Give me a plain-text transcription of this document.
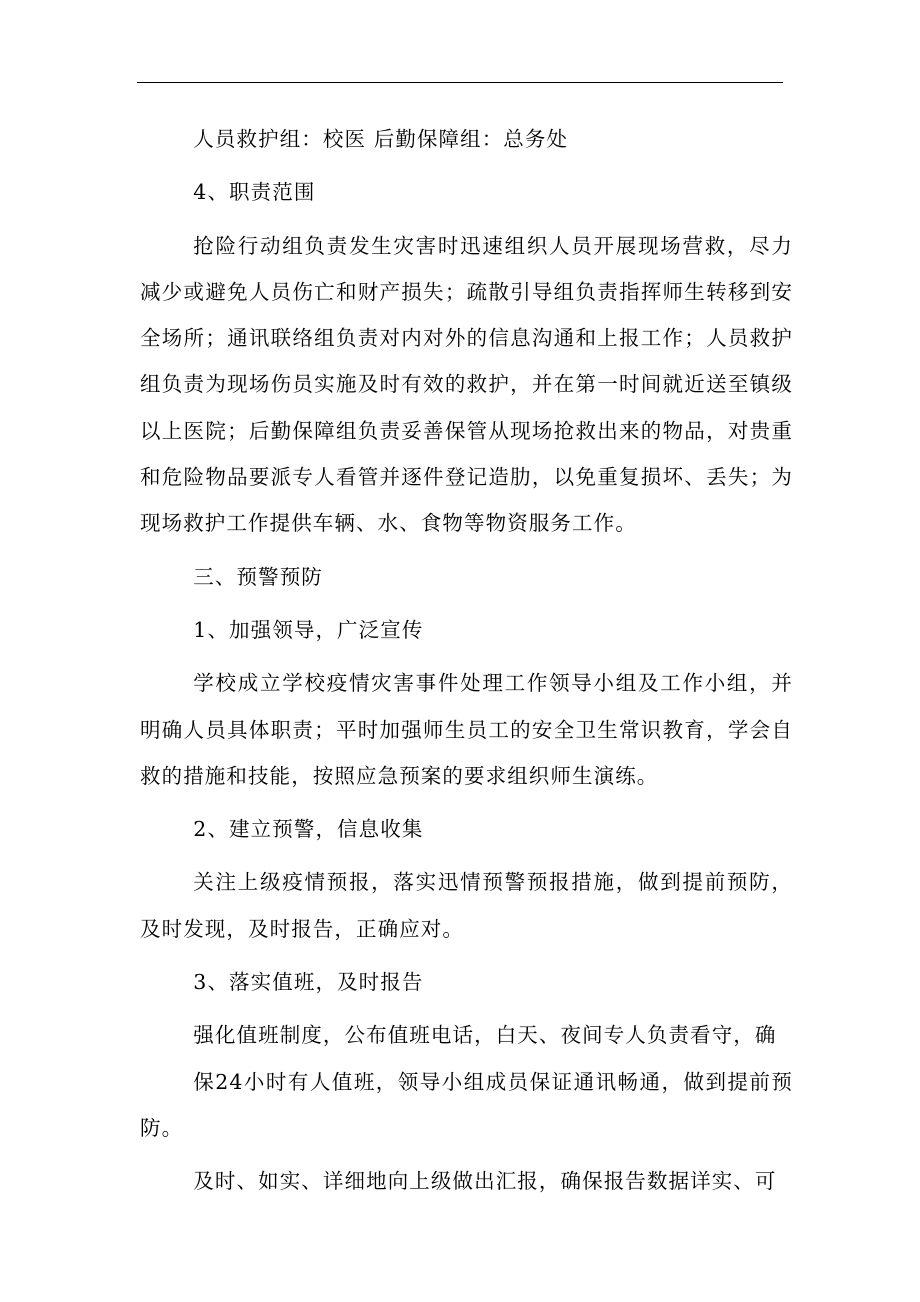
人员救护组：校医 后勤保障组：总务处

4、职责范围

抢险行动组负责发生灾害时迅速组织人员开展现场营救，尽力减少或避免人员伤亡和财产损失；疏散引导组负责指挥师生转移到安全场所；通讯联络组负责对内对外的信息沟通和上报工作；人员救护组负责为现场伤员实施及时有效的救护，并在第一时间就近送至镇级以上医院；后勤保障组负责妥善保管从现场抢救出来的物品，对贵重和危险物品要派专人看管并逐件登记造肋，以免重复损坏、丢失；为现场救护工作提供车辆、水、食物等物资服务工作。

三、预警预防

1、加强领导，广泛宣传

学校成立学校疫情灾害事件处理工作领导小组及工作小组，并明确人员具体职责；平时加强师生员工的安全卫生常识教育，学会自救的措施和技能，按照应急预案的要求组织师生演练。

2、建立预警，信息收集

关注上级疫情预报，落实迅情预警预报措施，做到提前预防，及时发现，及时报告，正确应对。

3、落实值班，及时报告

强化值班制度，公布值班电话，白天、夜间专人负责看守，确

保24小时有人值班，领导小组成员保证通讯畅通，做到提前预防。

及时、如实、详细地向上级做出汇报，确保报告数据详实、可
